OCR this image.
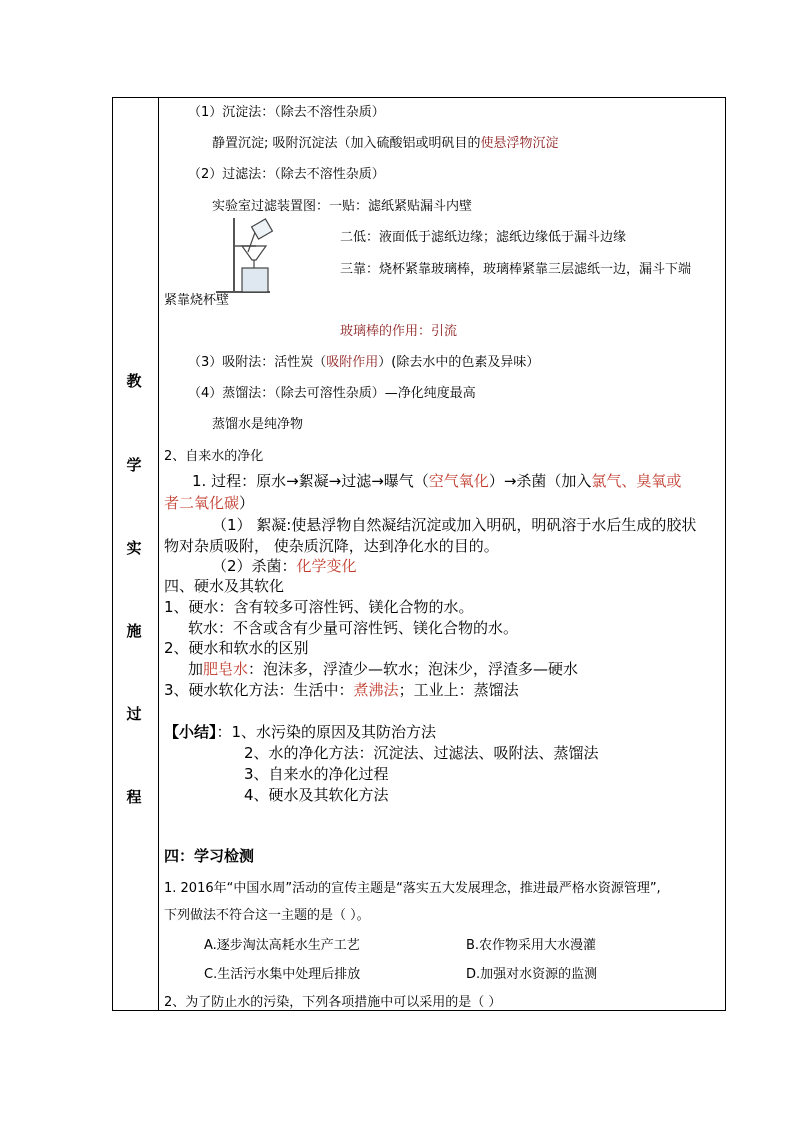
教
学
实
施
过
程
（1）沉淀法：（除去不溶性杂质）
静置沉淀; 吸附沉淀法（加入硫酸铝或明矾目的使悬浮物沉淀
（2）过滤法：（除去不溶性杂质）
实验室过滤装置图：一贴：滤纸紧贴漏斗内壁
二低：液面低于滤纸边缘；滤纸边缘低于漏斗边缘
三靠：烧杯紧靠玻璃棒，玻璃棒紧靠三层滤纸一边，漏斗下端
紧靠烧杯壁
玻璃棒的作用：引流
（3）吸附法：活性炭（吸附作用）(除去水中的色素及异味）
（4）蒸馏法：（除去可溶性杂质）—净化纯度最高
蒸馏水是纯净物
2、自来水的净化
1. 过程：原水→絮凝→过滤→曝气（空气氧化）→杀菌（加入氯气、臭氧或
者二氧化碳）
（1） 絮凝:使悬浮物自然凝结沉淀或加入明矾，明矾溶于水后生成的胶状
物对杂质吸附， 使杂质沉降，达到净化水的目的。
（2）杀菌：化学变化
四、硬水及其软化
1、硬水：含有较多可溶性钙、镁化合物的水。
软水：不含或含有少量可溶性钙、镁化合物的水。
2、硬水和软水的区别
加肥皂水：泡沫多，浮渣少—软水；泡沫少，浮渣多—硬水
3、硬水软化方法：生活中：煮沸法；工业上：蒸馏法
【小结】：1、水污染的原因及其防治方法
2、水的净化方法：沉淀法、过滤法、吸附法、蒸馏法
3、自来水的净化过程
4、硬水及其软化方法
四：学习检测
1. 2016年“中国水周”活动的宣传主题是“落实五大发展理念，推进最严格水资源管理”,
下列做法不符合这一主题的是（ ）。
A.逐步淘汰高耗水生产工艺	B.农作物采用大水漫灌
C.生活污水集中处理后排放	D.加强对水资源的监测
2、为了防止水的污染，下列各项措施中可以采用的是（ ）
